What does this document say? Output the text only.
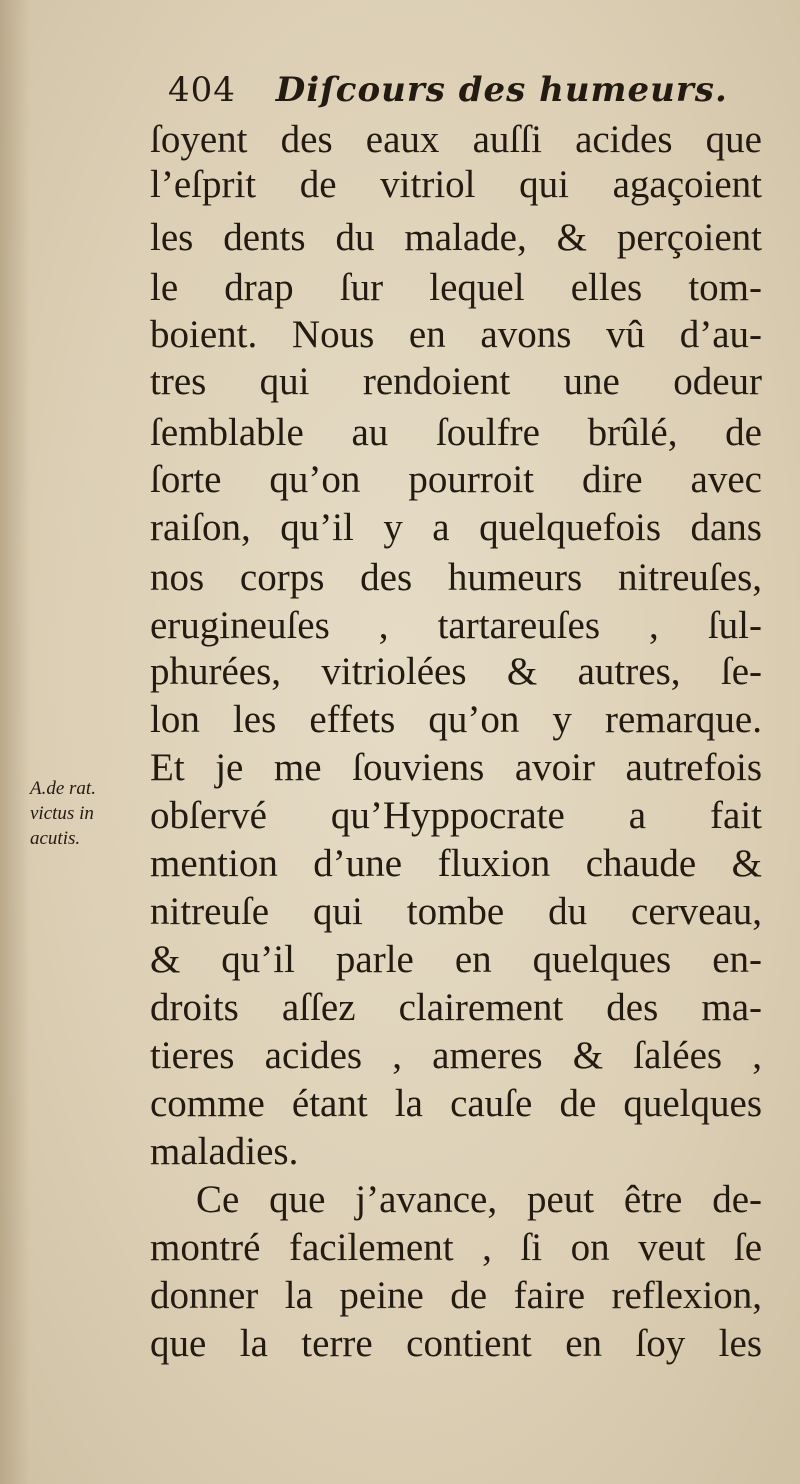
404 Diſcours des humeurs.
A.de rat.
victus in
acutis.
ſoyent des eaux auſſi acides que
l’eſprit de vitriol qui agaçoient
les dents du malade, & perçoient
le drap ſur lequel elles tom-
boient. Nous en avons vû d’au-
tres qui rendoient une odeur
ſemblable au ſoulfre brûlé, de
ſorte qu’on pourroit dire avec
raiſon, qu’il y a quelquefois dans
nos corps des humeurs nitreuſes,
erugineuſes , tartareuſes , ſul-
phurées, vitriolées & autres, ſe-
lon les effets qu’on y remarque.
Et je me ſouviens avoir autrefois
obſervé qu’Hyppocrate a fait
mention d’une fluxion chaude &
nitreuſe qui tombe du cerveau,
& qu’il parle en quelques en-
droits aſſez clairement des ma-
tieres acides , ameres & ſalées ,
comme étant la cauſe de quelques
maladies.
Ce que j’avance, peut être de-
montré facilement , ſi on veut ſe
donner la peine de faire reflexion,
que la terre contient en ſoy les
